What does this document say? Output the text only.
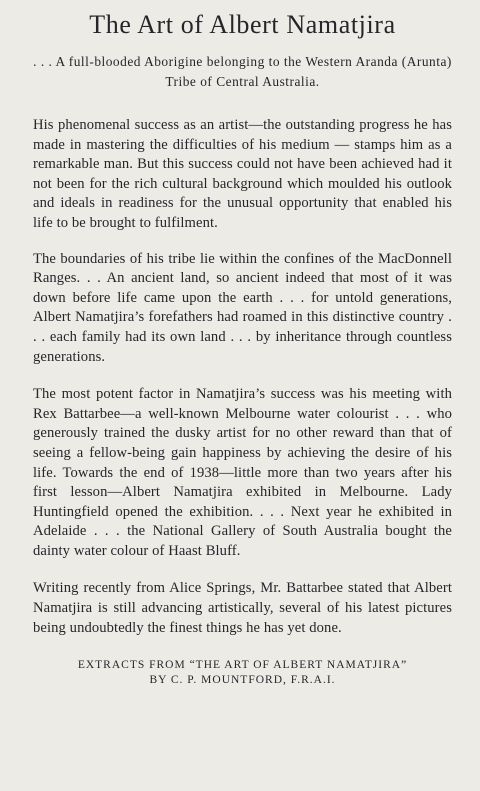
The Art of Albert Namatjira
. . . A full-blooded Aborigine belonging to the Western Aranda (Arunta) Tribe of Central Australia.

His phenomenal success as an artist—the outstanding progress he has made in mastering the difficulties of his medium — stamps him as a remarkable man. But this success could not have been achieved had it not been for the rich cultural background which moulded his outlook and ideals in readiness for the unusual opportunity that enabled his life to be brought to fulfilment.

The boundaries of his tribe lie within the confines of the MacDonnell Ranges. . . An ancient land, so ancient indeed that most of it was down before life came upon the earth . . . for untold generations, Albert Namatjira’s forefathers had roamed in this distinctive country . . . each family had its own land . . . by inheritance through countless generations.

The most potent factor in Namatjira’s success was his meeting with Rex Battarbee—a well-known Melbourne water colourist . . . who generously trained the dusky artist for no other reward than that of seeing a fellow-being gain happiness by achieving the desire of his life. Towards the end of 1938—little more than two years after his first lesson—Albert Namatjira exhibited in Melbourne. Lady Huntingfield opened the exhibition. . . . Next year he exhibited in Adelaide . . . the National Gallery of South Australia bought the dainty water colour of Haast Bluff.

Writing recently from Alice Springs, Mr. Battarbee stated that Albert Namatjira is still advancing artistically, several of his latest pictures being undoubtedly the finest things he has yet done.

EXTRACTS FROM “THE ART OF ALBERT NAMATJIRA”
BY C. P. MOUNTFORD, F.R.A.I.
